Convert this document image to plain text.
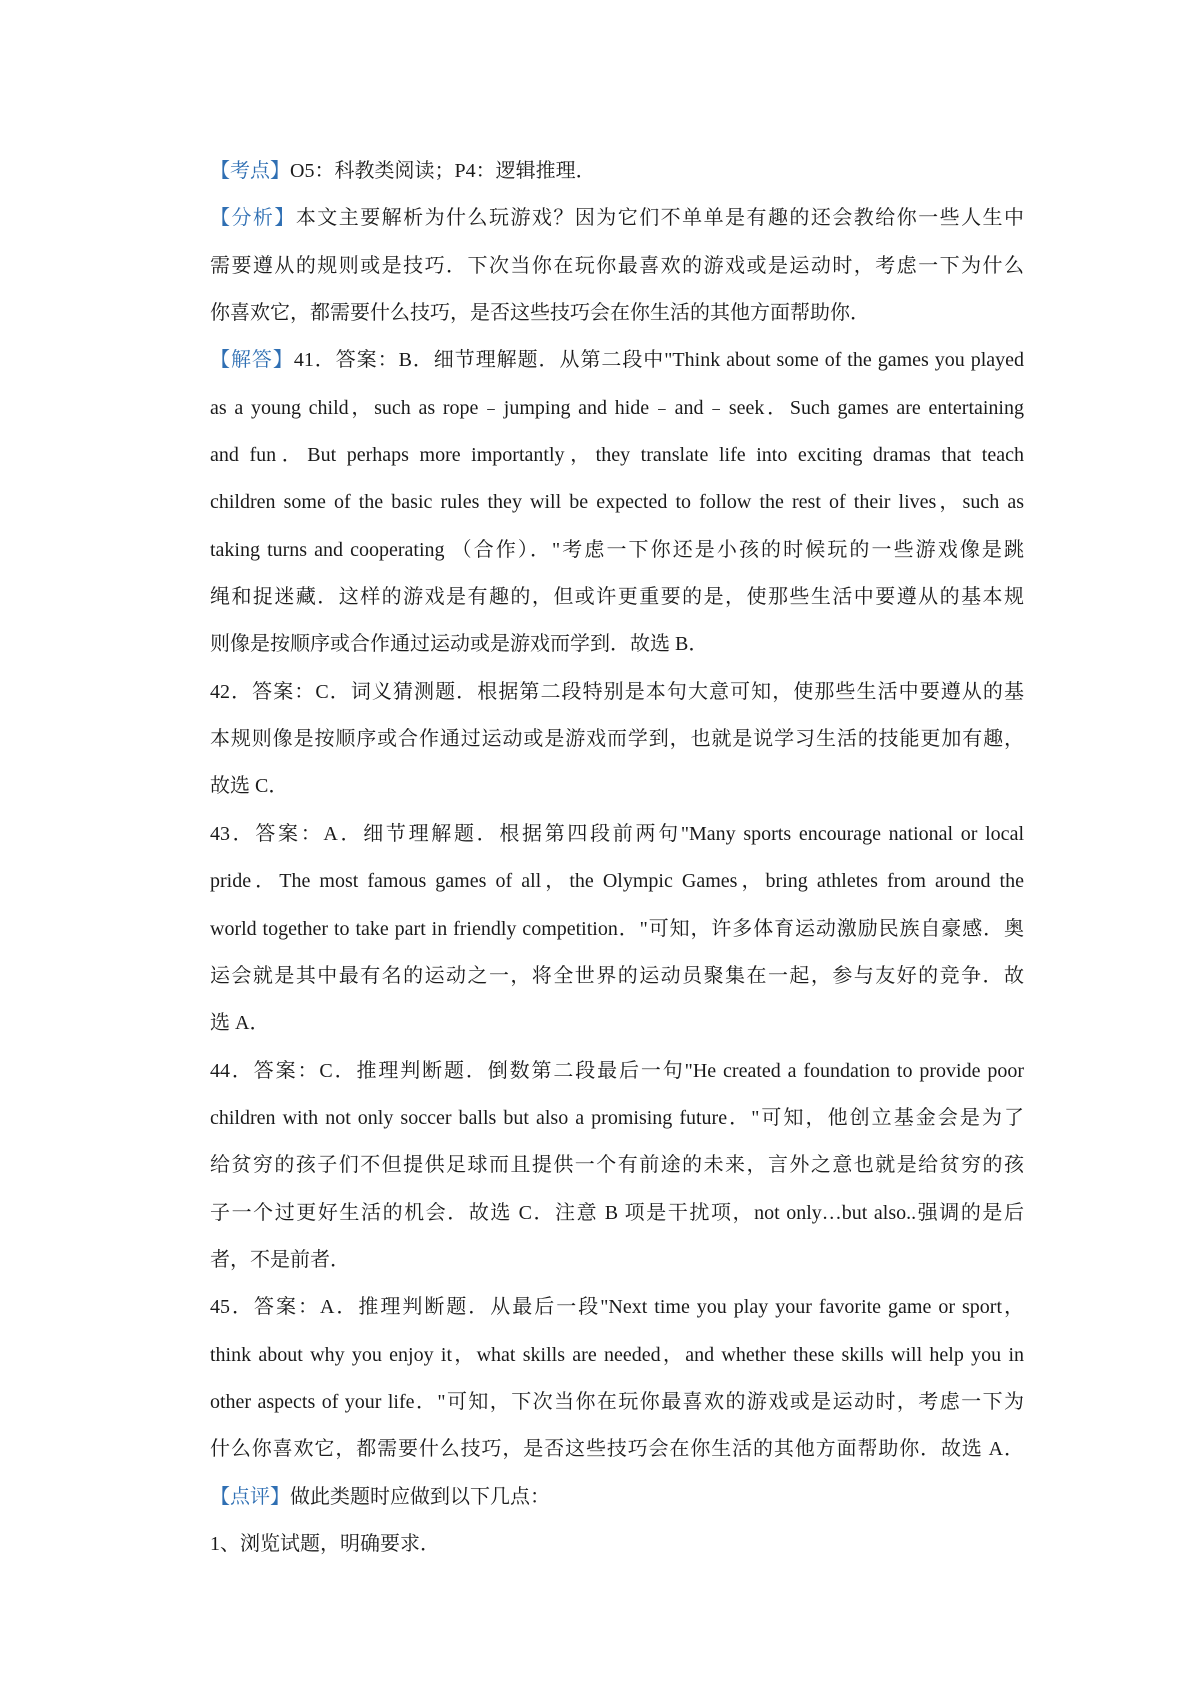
【考点】O5：科教类阅读；P4：逻辑推理．
【分析】本文主要解析为什么玩游戏？因为它们不单单是有趣的还会教给你一些人生中
需要遵从的规则或是技巧．下次当你在玩你最喜欢的游戏或是运动时，考虑一下为什么
你喜欢它，都需要什么技巧，是否这些技巧会在你生活的其他方面帮助你．
【解答】41．答案：B．细节理解题．从第二段中"Think about some of the games you played
as a young child，such as rope﹣jumping and hide﹣and﹣seek．Such games are entertaining
and fun．But perhaps more importantly，they translate life into exciting dramas that teach
children some of the basic rules they will be expected to follow the rest of their lives，such as
taking turns and cooperating （合作）．"考虑一下你还是小孩的时候玩的一些游戏像是跳
绳和捉迷藏．这样的游戏是有趣的，但或许更重要的是，使那些生活中要遵从的基本规
则像是按顺序或合作通过运动或是游戏而学到．故选 B．
42．答案：C．词义猜测题．根据第二段特别是本句大意可知，使那些生活中要遵从的基
本规则像是按顺序或合作通过运动或是游戏而学到，也就是说学习生活的技能更加有趣，
故选 C．
43．答案：A．细节理解题．根据第四段前两句"Many sports encourage national or local
pride．The most famous games of all，the Olympic Games，bring athletes from around the
world together to take part in friendly competition．"可知，许多体育运动激励民族自豪感．奥
运会就是其中最有名的运动之一，将全世界的运动员聚集在一起，参与友好的竞争．故
选 A．
44．答案：C．推理判断题．倒数第二段最后一句"He created a foundation to provide poor
children with not only soccer balls but also a promising future．"可知，他创立基金会是为了
给贫穷的孩子们不但提供足球而且提供一个有前途的未来，言外之意也就是给贫穷的孩
子一个过更好生活的机会．故选 C．注意 B 项是干扰项，not only…but also..强调的是后
者，不是前者．
45．答案：A．推理判断题．从最后一段"Next time you play your favorite game or sport，
think about why you enjoy it，what skills are needed，and whether these skills will help you in
other aspects of your life．"可知，下次当你在玩你最喜欢的游戏或是运动时，考虑一下为
什么你喜欢它，都需要什么技巧，是否这些技巧会在你生活的其他方面帮助你．故选 A．
【点评】做此类题时应做到以下几点：
1、浏览试题，明确要求．
